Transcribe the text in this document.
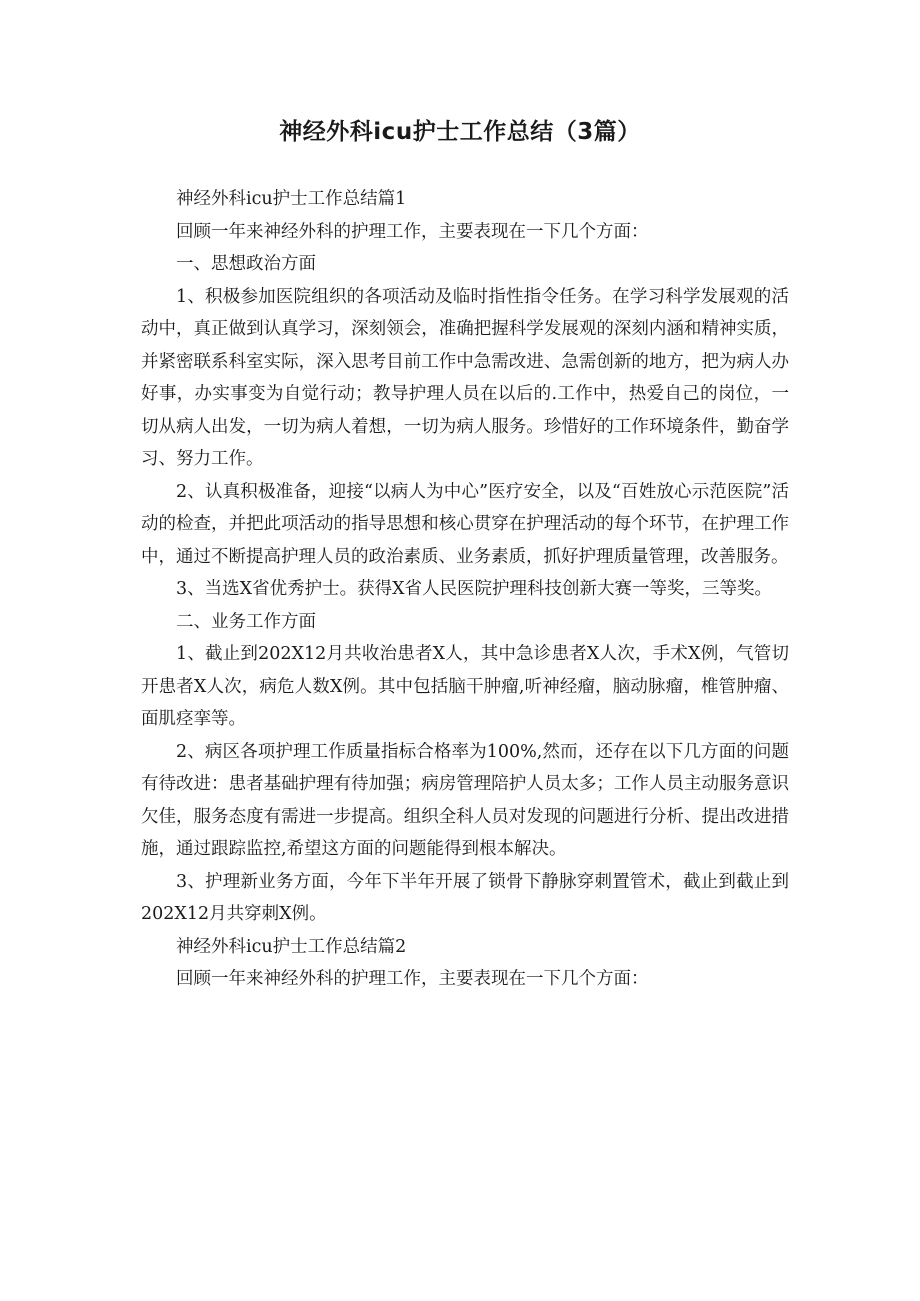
神经外科icu护士工作总结（3篇）

神经外科icu护士工作总结篇1

回顾一年来神经外科的护理工作，主要表现在一下几个方面：

一、思想政治方面

1、积极参加医院组织的各项活动及临时指性指令任务。在学习科学发展观的活动中，真正做到认真学习，深刻领会，准确把握科学发展观的深刻内涵和精神实质，并紧密联系科室实际，深入思考目前工作中急需改进、急需创新的地方，把为病人办好事，办实事变为自觉行动；教导护理人员在以后的.工作中，热爱自己的岗位，一切从病人出发，一切为病人着想，一切为病人服务。珍惜好的工作环境条件，勤奋学习、努力工作。

2、认真积极准备，迎接“以病人为中心”医疗安全，以及“百姓放心示范医院”活动的检查，并把此项活动的指导思想和核心贯穿在护理活动的每个环节，在护理工作中，通过不断提高护理人员的政治素质、业务素质，抓好护理质量管理，改善服务。

3、当选X省优秀护士。获得X省人民医院护理科技创新大赛一等奖，三等奖。

二、业务工作方面

1、截止到202X12月共收治患者X人，其中急诊患者X人次，手术X例，气管切开患者X人次，病危人数X例。其中包括脑干肿瘤,听神经瘤，脑动脉瘤，椎管肿瘤、面肌痉挛等。

2、病区各项护理工作质量指标合格率为100%,然而，还存在以下几方面的问题有待改进：患者基础护理有待加强；病房管理陪护人员太多；工作人员主动服务意识欠佳，服务态度有需进一步提高。组织全科人员对发现的问题进行分析、提出改进措施，通过跟踪监控,希望这方面的问题能得到根本解决。

3、护理新业务方面，今年下半年开展了锁骨下静脉穿刺置管术，截止到截止到202X12月共穿刺X例。

神经外科icu护士工作总结篇2

回顾一年来神经外科的护理工作，主要表现在一下几个方面：
